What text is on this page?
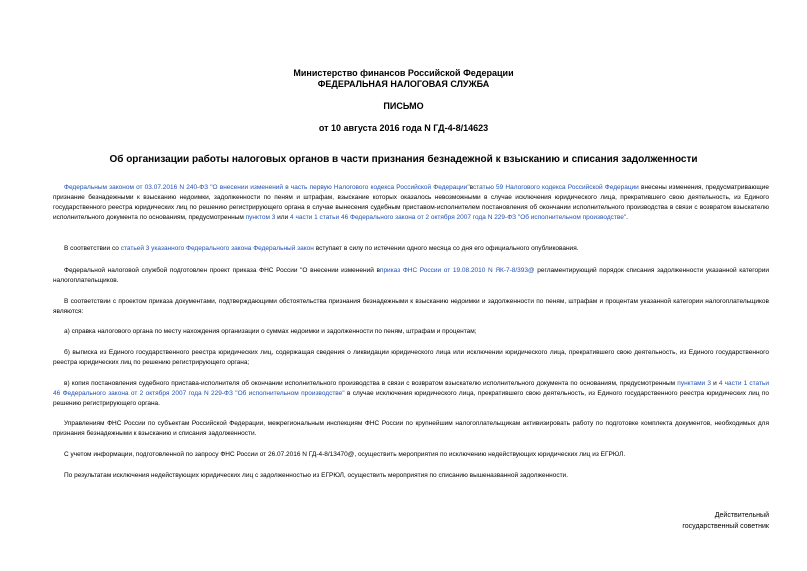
Министерство финансов Российской Федерации
ФЕДЕРАЛЬНАЯ НАЛОГОВАЯ СЛУЖБА
ПИСЬМО
от 10 августа 2016 года N ГД-4-8/14623
Об организации работы налоговых органов в части признания безнадежной к взысканию и списания задолженности
Федеральным законом от 03.07.2016 N 240-ФЗ "О внесении изменений в часть первую Налогового кодекса Российской Федерации"встатью 59 Налогового кодекса Российской Федерации внесены изменения, предусматривающие признание безнадежными к взысканию недоимки, задолженности по пеням и штрафам, взыскание которых оказалось невозможными в случае исключения юридического лица, прекратившего свою деятельность, из Единого государственного реестра юридических лиц по решению регистрирующего органа в случае вынесения судебным приставом-исполнителем постановления об окончании исполнительного производства в связи с возвратом взыскателю исполнительного документа по основаниям, предусмотренным пунктом 3 или 4 части 1 статьи 46 Федерального закона от 2 октября 2007 года N 229-ФЗ "Об исполнительном производстве".
В соответствии со статьей 3 указанного Федерального закона Федеральный закон вступает в силу по истечении одного месяца со дня его официального опубликования.
Федеральной налоговой службой подготовлен проект приказа ФНС России "О внесении изменений вприказ ФНС России от 19.08.2010 N ЯК-7-8/393@ регламентирующий порядок списания задолженности указанной категории налогоплательщиков.
В соответствии с проектом приказа документами, подтверждающими обстоятельства признания безнадежными к взысканию недоимки и задолженности по пеням, штрафам и процентам указанной категории налогоплательщиков являются:
а) справка налогового органа по месту нахождения организации о суммах недоимки и задолженности по пеням, штрафам и процентам;
б) выписка из Единого государственного реестра юридических лиц, содержащая сведения о ликвидации юридического лица или исключении юридического лица, прекратившего свою деятельность, из Единого государственного реестра юридических лиц по решению регистрирующего органа;
в) копия постановления судебного пристава-исполнителя об окончании исполнительного производства в связи с возвратом взыскателю исполнительного документа по основаниям, предусмотренным пунктами 3 и 4 части 1 статьи 46 Федерального закона от 2 октября 2007 года N 229-ФЗ "Об исполнительном производстве" в случае исключения юридического лица, прекратившего свою деятельность, из Единого государственного реестра юридических лиц по решению регистрирующего органа.
Управлениям ФНС России по субъектам Российской Федерации, межрегиональным инспекциям ФНС России по крупнейшим налогоплательщикам активизировать работу по подготовке комплекта документов, необходимых для признания безнадежными к взысканию и списания задолженности.
С учетом информации, подготовленной по запросу ФНС России от 26.07.2016 N ГД-4-8/13470@, осуществить мероприятия по исключению недействующих юридических лиц из ЕГРЮЛ.
По результатам исключения недействующих юридических лиц с задолженностью из ЕГРЮЛ, осуществить мероприятия по списанию вышеназванной задолженности.
Действительный
государственный советник
